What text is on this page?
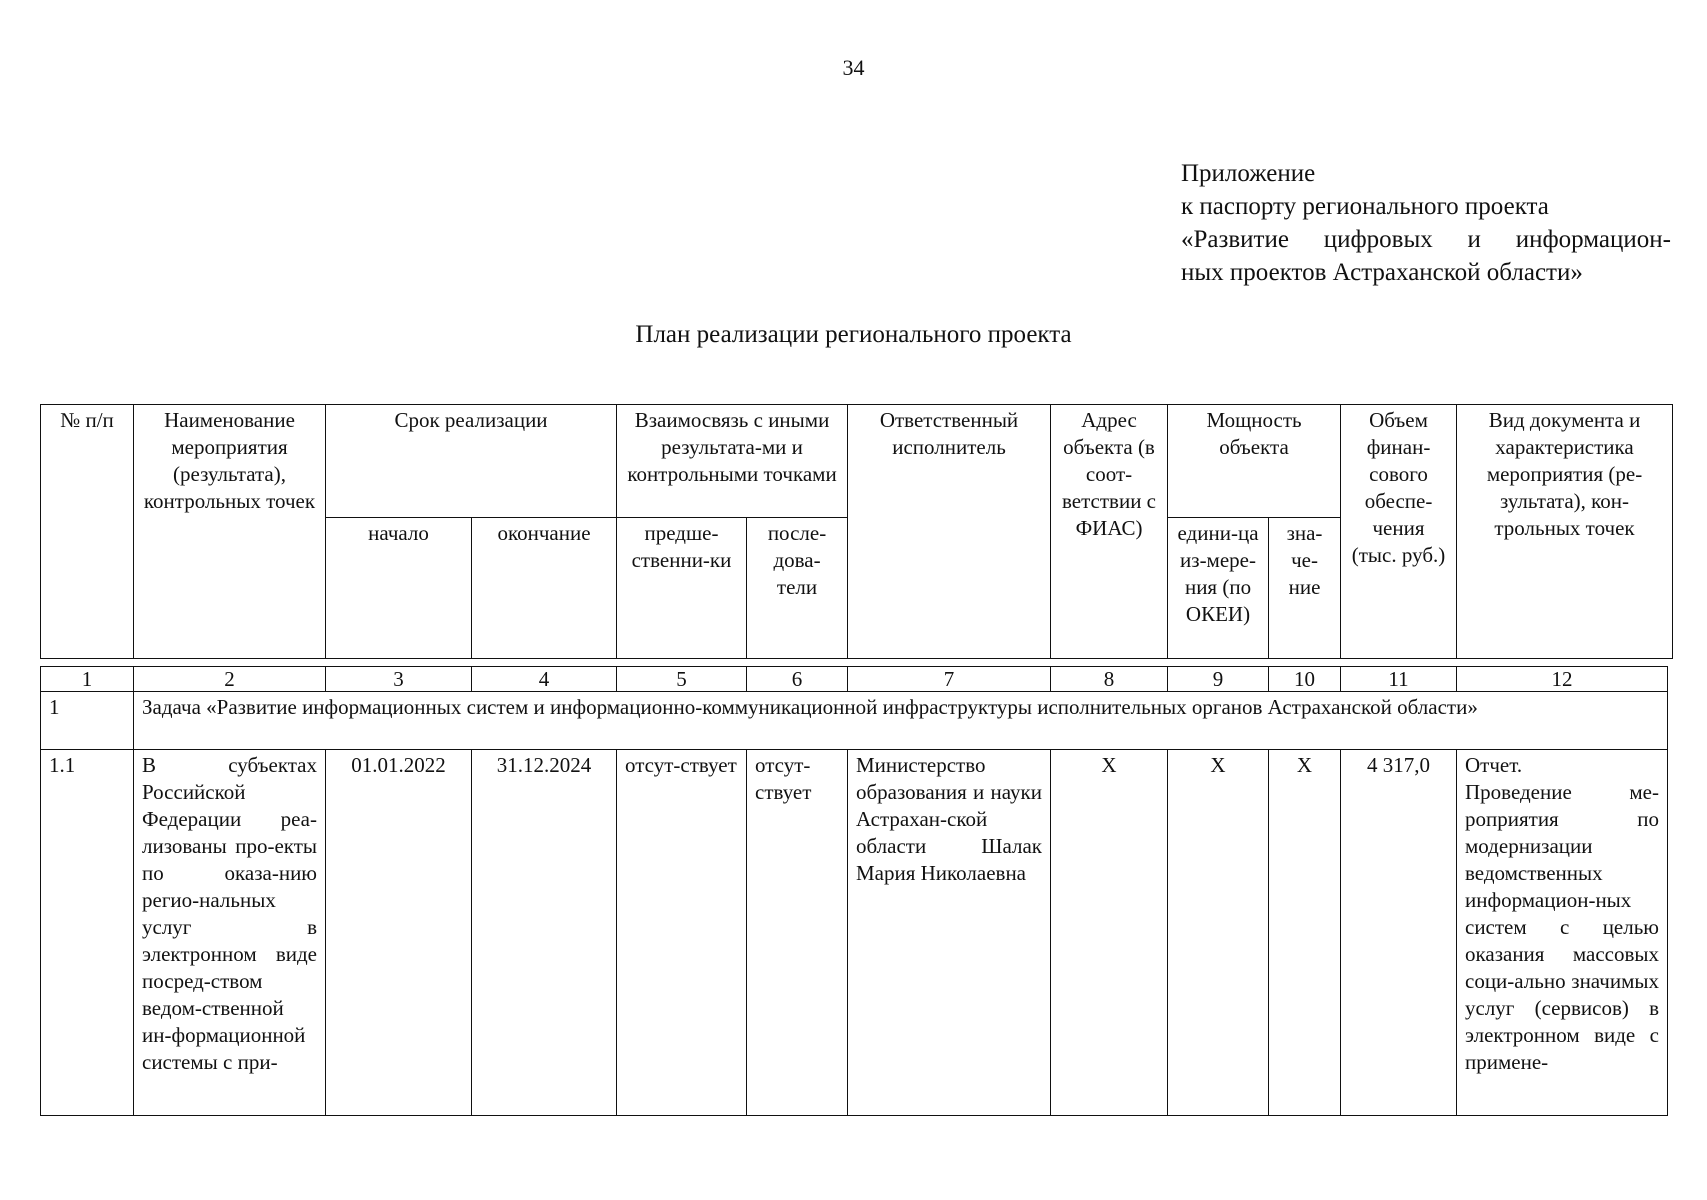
34
Приложение
к паспорту регионального проекта
«Развитие цифровых и информацион-
ных проектов Астраханской области»
План реализации регионального проекта
№ п/п	Наименование мероприятия (результата), контрольных точек	Срок реализации		Взаимосвязь с иными результата-ми и контрольными точками		Ответственный исполнитель	Адрес объекта (в соот-ветствии с ФИАС)	Мощность объекта		Объем финан-сового обеспе-чения (тыс. руб.)	Вид документа и характеристика мероприятия (ре-зультата), кон-трольных точек
		начало	окончание	предше-ственни-ки	после-дова-тели			едини-ца из-мере-ния (по ОКЕИ)	зна-че-ние		
1	2	3	4	5	6	7	8	9	10	11	12
1	Задача «Развитие информационных систем и информационно-коммуникационной инфраструктуры исполнительных органов Астраханской области»										
1.1	В субъектах Российской Федерации реа-лизованы про-екты по оказа-нию регио-нальных услуг в электронном виде посред-ством ведом-ственной ин-формационной системы с при-	01.01.2022	31.12.2024	отсут-ствует	отсут-ствует	Министерство образования и науки Астрахан-ской области Шалак Мария Николаевна	Х	Х	Х	4 317,0	Отчет.
Проведение ме-роприятия по модернизации ведомственных информацион-ных систем с целью оказания массовых соци-ально значимых услуг (сервисов) в электронном виде с примене-
